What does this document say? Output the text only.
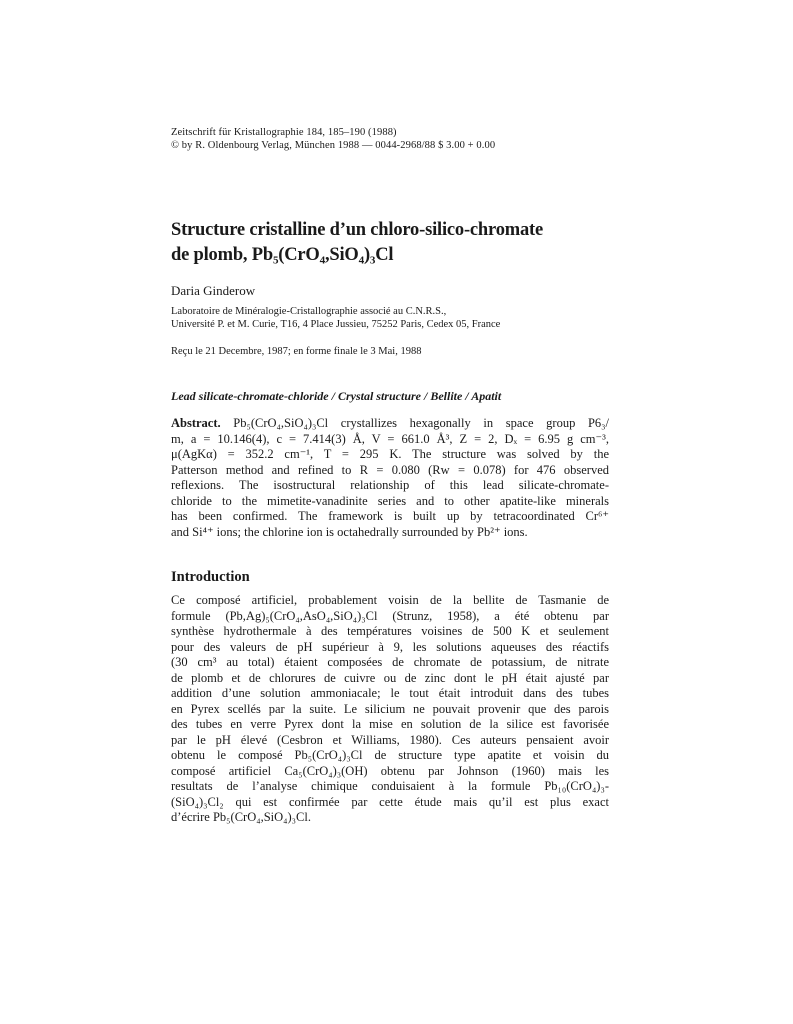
Zeitschrift für Kristallographie 184, 185–190 (1988)
© by R. Oldenbourg Verlag, München 1988 — 0044-2968/88 $ 3.00 + 0.00
Structure cristalline d’un chloro-silico-chromate
de plomb, Pb₅(CrO₄,SiO₄)₃Cl
Daria Ginderow
Laboratoire de Minéralogie-Cristallographie associé au C.N.R.S.,
Université P. et M. Curie, T16, 4 Place Jussieu, 75252 Paris, Cedex 05, France
Reçu le 21 Decembre, 1987; en forme finale le 3 Mai, 1988
Lead silicate-chromate-chloride / Crystal structure / Bellite / Apatit
Abstract. Pb₅(CrO₄,SiO₄)₃Cl crystallizes hexagonally in space group P6₃/
m, a = 10.146(4), c = 7.414(3) Å, V = 661.0 Å³, Z = 2, Dₓ = 6.95 g cm⁻³,
μ(AgKα) = 352.2 cm⁻¹, T = 295 K. The structure was solved by the
Patterson method and refined to R = 0.080 (Rw = 0.078) for 476 observed
reflexions. The isostructural relationship of this lead silicate-chromate-
chloride to the mimetite-vanadinite series and to other apatite-like minerals
has been confirmed. The framework is built up by tetracoordinated Cr⁶⁺
and Si⁴⁺ ions; the chlorine ion is octahedrally surrounded by Pb²⁺ ions.
Introduction
Ce composé artificiel, probablement voisin de la bellite de Tasmanie de
formule (Pb,Ag)₅(CrO₄,AsO₄,SiO₄)₃Cl (Strunz, 1958), a été obtenu par
synthèse hydrothermale à des températures voisines de 500 K et seulement
pour des valeurs de pH supérieur à 9, les solutions aqueuses des réactifs
(30 cm³ au total) étaient composées de chromate de potassium, de nitrate
de plomb et de chlorures de cuivre ou de zinc dont le pH était ajusté par
addition d’une solution ammoniacale; le tout était introduit dans des tubes
en Pyrex scellés par la suite. Le silicium ne pouvait provenir que des parois
des tubes en verre Pyrex dont la mise en solution de la silice est favorisée
par le pH élevé (Cesbron et Williams, 1980). Ces auteurs pensaient avoir
obtenu le composé Pb₅(CrO₄)₃Cl de structure type apatite et voisin du
composé artificiel Ca₅(CrO₄)₃(OH) obtenu par Johnson (1960) mais les
resultats de l’analyse chimique conduisaient à la formule Pb₁₀(CrO₄)₃-
(SiO₄)₃Cl₂ qui est confirmée par cette étude mais qu’il est plus exact
d’écrire Pb₅(CrO₄,SiO₄)₃Cl.
